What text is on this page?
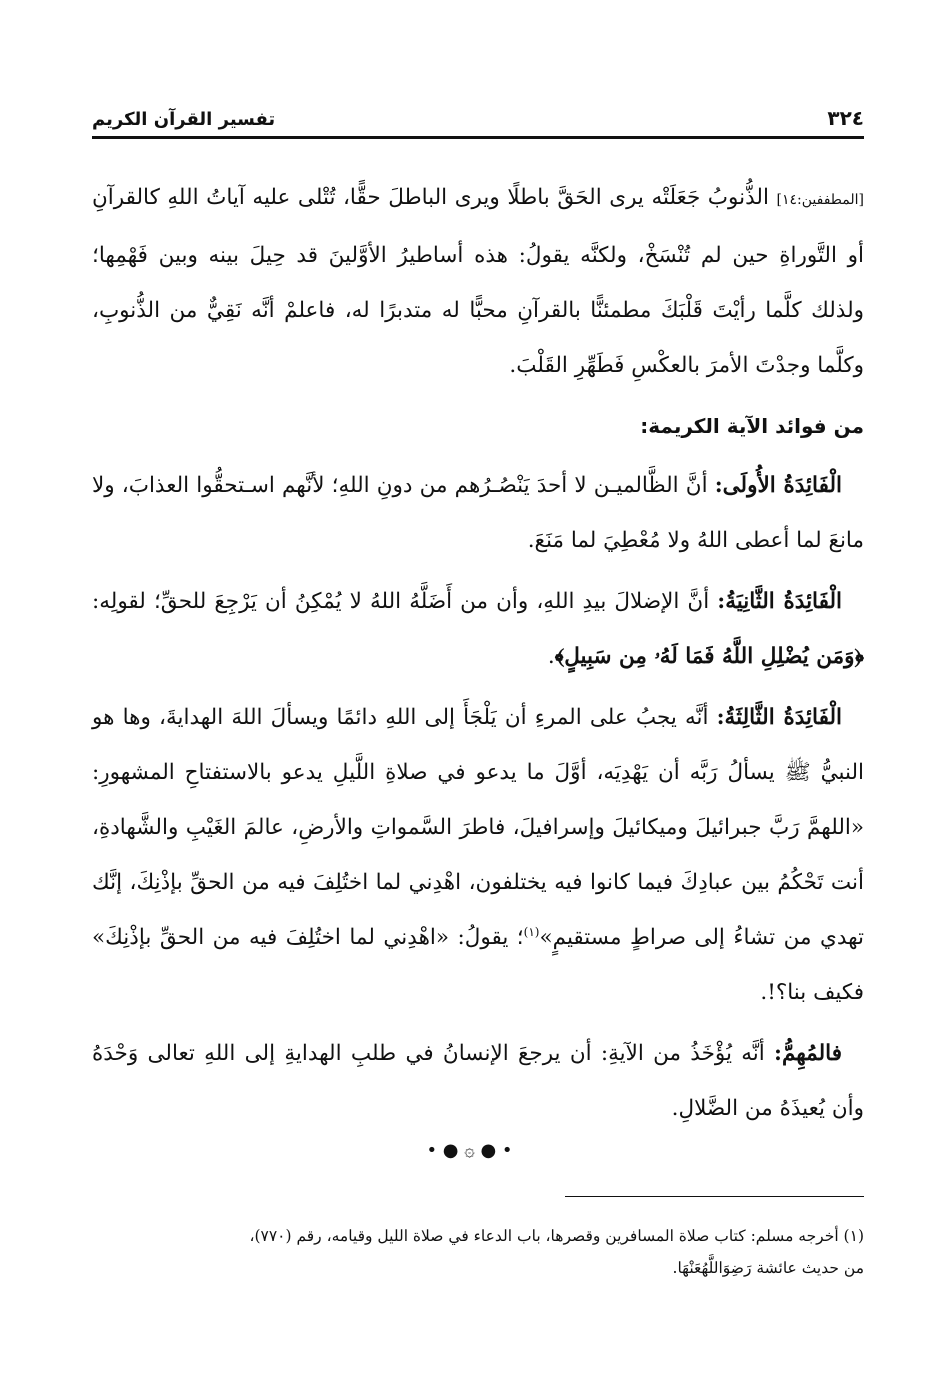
٣٢٤
تفسير القرآن الكريم

[المطففين:١٤] الذُّنوبُ جَعَلَتْه يرى الحَقَّ باطلًا ويرى الباطلَ حقًّا، تُتْلى عليه آياتُ اللهِ كالقرآنِ أو التَّوراةِ حين لم تُنْسَخْ، ولكنَّه يقولُ: هذه أساطيرُ الأوَّلينَ قد حِيلَ بينه وبين فَهْمِها؛ ولذلك كلَّما رأيْتَ قَلْبَكَ مطمئنًّا بالقرآنِ محبًّا له متدبرًا له، فاعلمْ أنَّه نَقِيٌّ من الذُّنوبِ، وكلَّما وجدْتَ الأمرَ بالعكْسِ فَطَهِّرِ القَلْبَ.

من فوائد الآية الكريمة:

الْفَائِدَةُ الأُولَى: أنَّ الظَّالميـن لا أحدَ يَنْصُـرُهم من دونِ اللهِ؛ لأنَّهم اسـتحقُّوا العذابَ، ولا مانعَ لما أعطى اللهُ ولا مُعْطِيَ لما مَنَعَ.

الْفَائِدَةُ الثَّانِيَةُ: أنَّ الإضلالَ بيدِ اللهِ، وأن من أَضَلَّهُ اللهُ لا يُمْكِنُ أن يَرْجِعَ للحقِّ؛ لقولِه: ﴿وَمَن يُضْلِلِ اللَّهُ فَمَا لَهُۥ مِن سَبِيلٍ﴾.

الْفَائِدَةُ الثَّالِثَةُ: أنَّه يجبُ على المرءِ أن يَلْجَأَ إلى اللهِ دائمًا ويسألَ اللهَ الهدايةَ، وها هو النبيُّ ﷺ يسألُ رَبَّه أن يَهْدِيَه، أوَّلَ ما يدعو في صلاةِ اللَّيلِ يدعو بالاستفتاحِ المشهورِ: «اللهمَّ رَبَّ جبرائيلَ وميكائيلَ وإسرافيلَ، فاطرَ السَّمواتِ والأرضِ، عالمَ الغَيْبِ والشَّهادةِ، أنت تَحْكُمُ بين عبادِكَ فيما كانوا فيه يختلفون، اهْدِني لما اختُلِفَ فيه من الحقِّ بإذْنِكَ، إنَّك تهدي من تشاءُ إلى صراطٍ مستقيمٍ»$^{(١)}$؛ يقولُ: «اهْدِني لما اختُلِفَ فيه من الحقِّ بإذْنِكَ» فكيف بنا؟!.

فالمُهِمُّ: أنَّه يُؤْخَذُ من الآيةِ: أن يرجعَ الإنسانُ في طلبِ الهدايةِ إلى اللهِ تعالى وَحْدَهُ وأن يُعيذَهُ من الضَّلالِ.

• ● ۞ ● •

(١) أخرجه مسلم: كتاب صلاة المسافرين وقصرها، باب الدعاء في صلاة الليل وقيامه، رقم (٧٧٠)،

من حديث عائشة رَضِوَاللَّهُعَنْهَا.
